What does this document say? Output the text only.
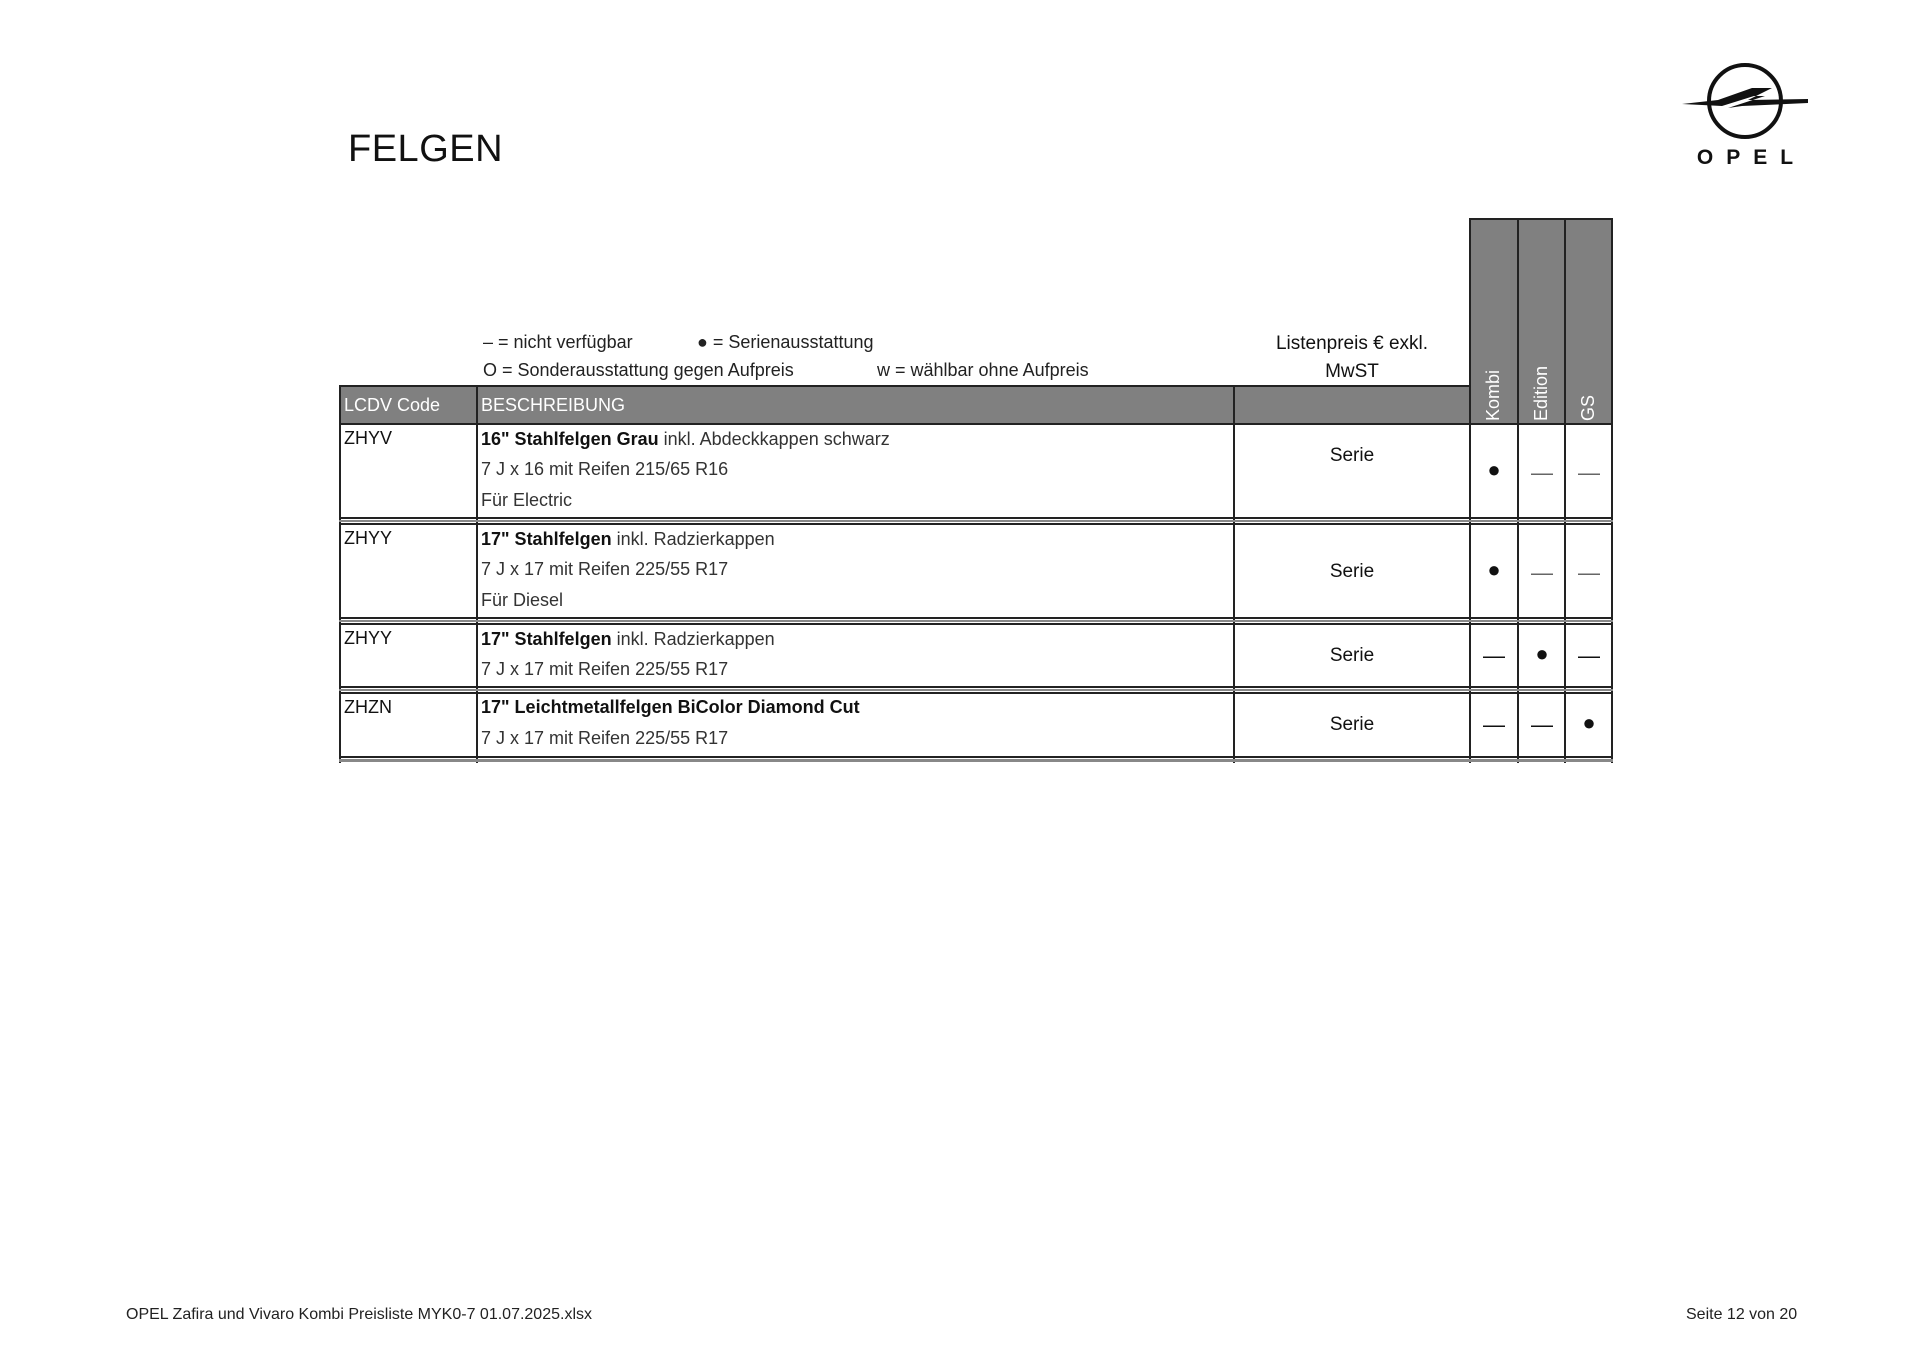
FELGEN	OPEL
– = nicht verfügbar	● = Serienausstattung
O = Sonderausstattung gegen Aufpreis	w = wählbar ohne Aufpreis
Listenpreis € exkl.
MwST	Kombi Edition GS
LCDV Code	BESCHREIBUNG
ZHYV	16" Stahlfelgen Grau inkl. Abdeckkappen schwarz
7 J x 16 mit Reifen 215/65 R16
Für Electric
Serie
●	—	—
ZHYY	17" Stahlfelgen inkl. Radzierkappen
7 J x 17 mit Reifen 225/55 R17
Für Diesel
Serie	●	—	—
ZHYY	17" Stahlfelgen inkl. Radzierkappen
7 J x 17 mit Reifen 225/55 R17
Serie	—	●	—
ZHZN	17" Leichtmetallfelgen BiColor Diamond Cut
7 J x 17 mit Reifen 225/55 R17
Serie	—	—	●
OPEL Zafira und Vivaro Kombi Preisliste MYK0-7 01.07.2025.xlsx	Seite 12 von 20
